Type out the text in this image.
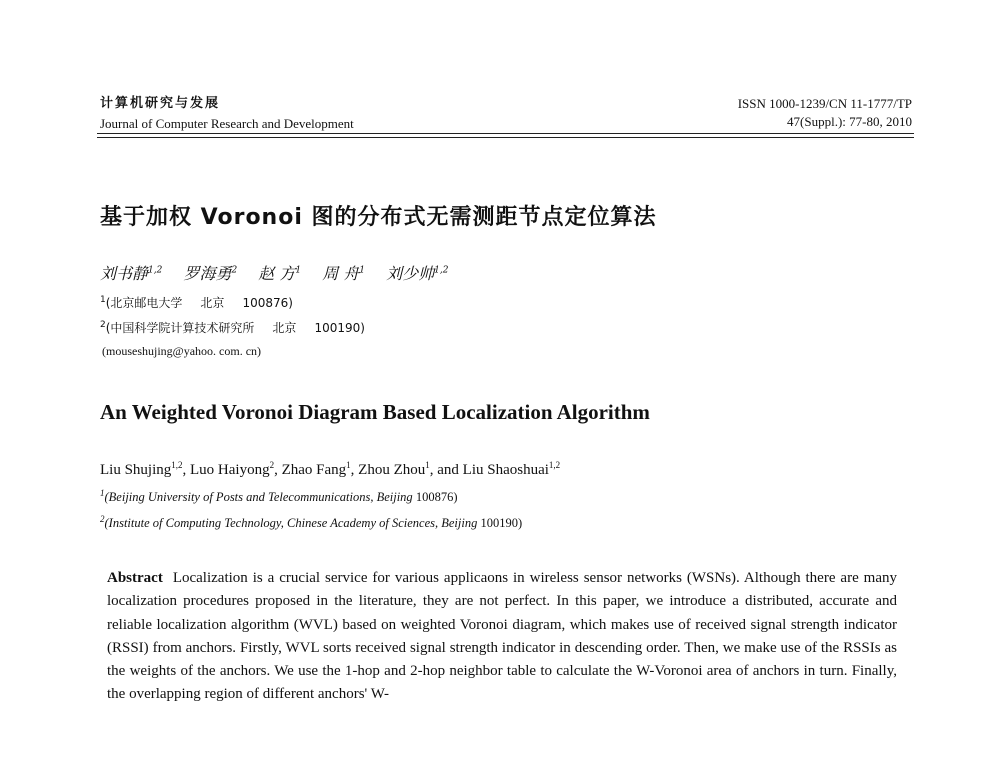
计算机研究与发展
Journal of Computer Research and Development
ISSN 1000-1239/CN 11-1777/TP
47(Suppl.): 77-80, 2010
基于加权 Voronoi 图的分布式无需测距节点定位算法
刘书静$^{1,2}$ 罗海勇$^2$ 赵 方$^1$ 周 舟$^1$ 刘少帅$^{1,2}$
$^1$(北京邮电大学 北京 100876)
$^2$(中国科学院计算技术研究所 北京 100190)
(mouseshujing@yahoo. com. cn)
An Weighted Voronoi Diagram Based Localization Algorithm
Liu Shujing$^{1,2}$, Luo Haiyong$^2$, Zhao Fang$^1$, Zhou Zhou$^1$, and Liu Shaoshuai$^{1,2}$
$^1$(Beijing University of Posts and Telecommunications, Beijing 100876)
$^2$(Institute of Computing Technology, Chinese Academy of Sciences, Beijing 100190)
Abstract Localization is a crucial service for various applicaons in wireless sensor networks (WSNs). Although there are many localization procedures proposed in the literature, they are not perfect. In this paper, we introduce a distributed, accurate and reliable localization algorithm (WVL) based on weighted Voronoi diagram, which makes use of received signal strength indicator (RSSI) from anchors. Firstly, WVL sorts received signal strength indicator in descending order. Then, we make use of the RSSIs as the weights of the anchors. We use the 1-hop and 2-hop neighbor table to calculate the W-Voronoi area of anchors in turn. Finally, the overlapping region of different anchors' W-
